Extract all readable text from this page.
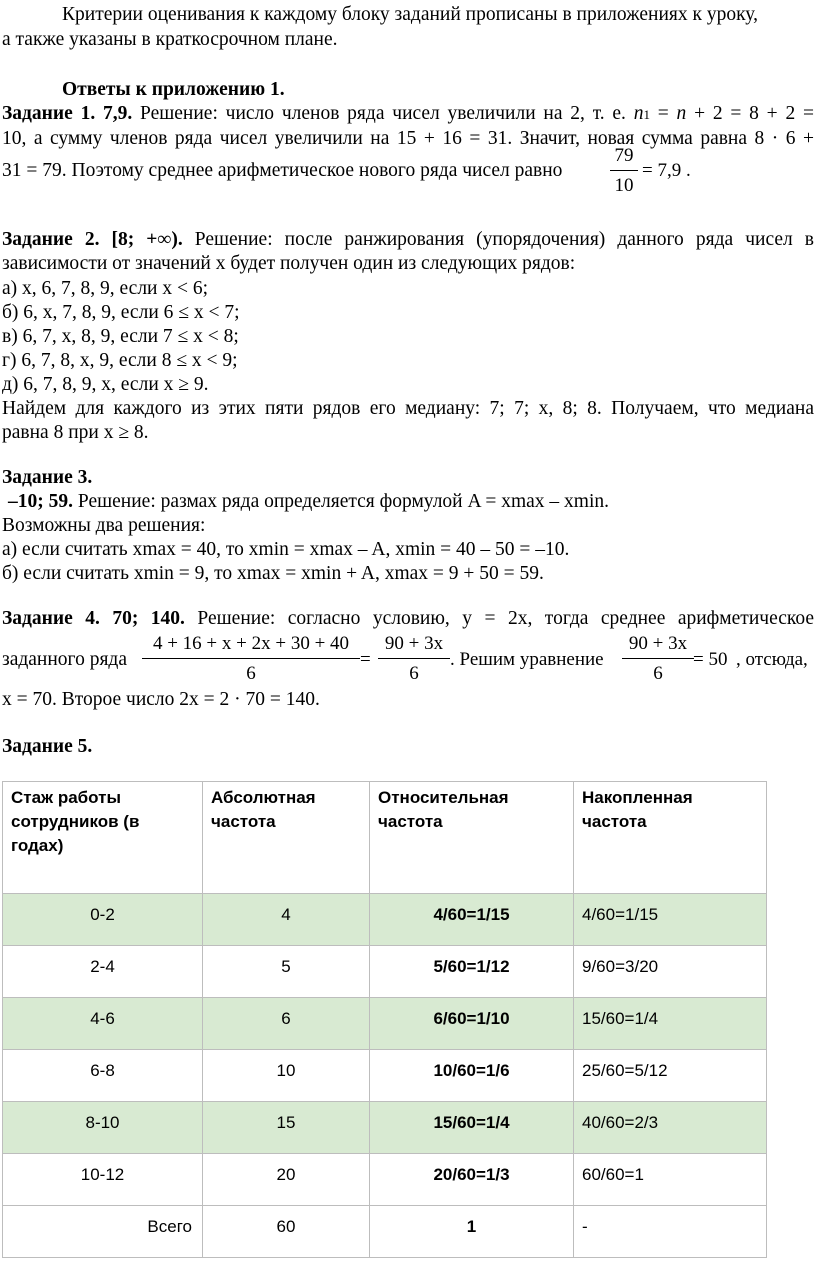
Критерии оценивания к каждому блоку заданий прописаны в приложениях к уроку,
а также указаны в краткосрочном плане.
Ответы к приложению 1.
Задание 1. 7,9. Решение: число членов ряда чисел увеличили на 2, т. е. n1 = n + 2 = 8 + 2 =
10, а сумму членов ряда чисел увеличили на 15 + 16 = 31. Значит, новая сумма равна 8 · 6 +
31 = 79. Поэтому среднее арифметическое нового ряда чисел равно
79
10
= 7,9 .
Задание 2. [8; +∞). Решение: после ранжирования (упорядочения) данного ряда чисел в
зависимости от значений x будет получен один из следующих рядов:
а) x, 6, 7, 8, 9, если x < 6;
б) 6, x, 7, 8, 9, если 6 ≤ x < 7;
в) 6, 7, x, 8, 9, если 7 ≤ x < 8;
г) 6, 7, 8, x, 9, если 8 ≤ x < 9;
д) 6, 7, 8, 9, x, если x ≥ 9.
Найдем для каждого из этих пяти рядов его медиану: 7; 7; x, 8; 8. Получаем, что медиана
равна 8 при x ≥ 8.
Задание 3.
–10; 59. Решение: размах ряда определяется формулой A = xmax – xmin.
Возможны два решения:
а) если считать xmax = 40, то xmin = xmax – A, xmin = 40 – 50 = –10.
б) если считать xmin = 9, то xmax = xmin + A, xmax = 9 + 50 = 59.
Задание 4. 70; 140. Решение: согласно условию, y = 2x, тогда среднее арифметическое
заданного ряда
4 + 16 + x + 2x + 30 + 40
6
=
90 + 3x
6
. Решим уравнение
90 + 3x
6
= 50 , отсюда,
x = 70. Второе число 2x = 2 · 70 = 140.
Задание 5.
Стаж работы сотрудников (в годах)	Абсолютная частота	Относительная частота	Накопленная частота
0-2	4	4/60=1/15	4/60=1/15
2-4	5	5/60=1/12	9/60=3/20
4-6	6	6/60=1/10	15/60=1/4
6-8	10	10/60=1/6	25/60=5/12
8-10	15	15/60=1/4	40/60=2/3
10-12	20	20/60=1/3	60/60=1
Всего	60	1	-
